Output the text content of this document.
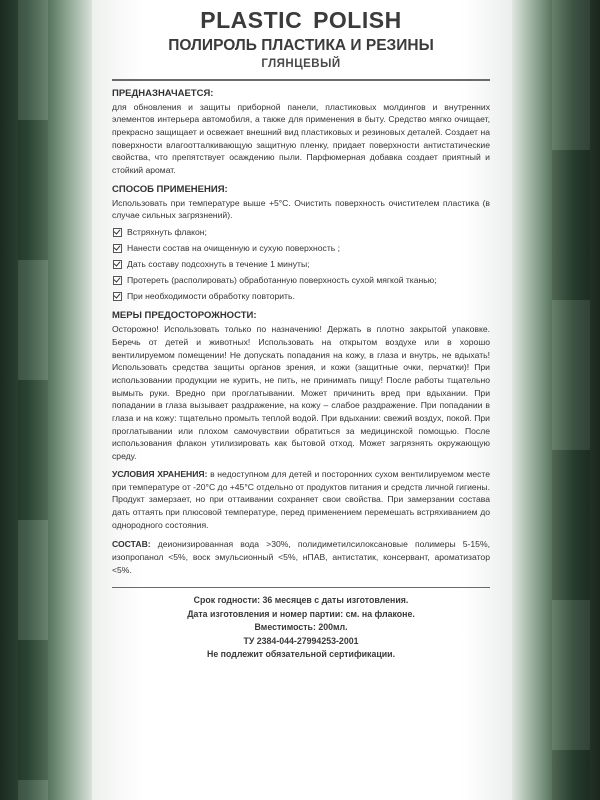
PLASTIC POLISH
ПОЛИРОЛЬ ПЛАСТИКА И РЕЗИНЫ
ГЛЯНЦЕВЫЙ
ПРЕДНАЗНАЧАЕТСЯ:

для обновления и защиты приборной панели, пластиковых молдингов и внутренних элементов интерьера автомобиля, а также для применения в быту. Средство мягко очищает, прекрасно защищает и освежает внешний вид пластиковых и резиновых деталей. Создает на поверхности влагоотталкивающую защитную пленку, придает поверхности антистатические свойства, что препятствует осаждению пыли. Парфюмерная добавка создает приятный и стойкий аромат.

СПОСОБ ПРИМЕНЕНИЯ:

Использовать при температуре выше +5°С. Очистить поверхность очистителем пластика (в случае сильных загрязнений).

Встряхнуть флакон;
Нанести состав на очищенную и сухую поверхность ;
Дать составу подсохнуть в течение 1 минуты;
Протереть (располировать) обработанную поверхность сухой мягкой тканью;
При необходимости обработку повторить.
МЕРЫ ПРЕДОСТОРОЖНОСТИ:

Осторожно! Использовать только по назначению! Держать в плотно закрытой упаковке. Беречь от детей и животных! Использовать на открытом воздухе или в хорошо вентилируемом помещении! Не допускать попадания на кожу, в глаза и внутрь, не вдыхать! Использовать средства защиты органов зрения, и кожи (защитные очки, перчатки)! При использовании продукции не курить, не пить, не принимать пищу! После работы тщательно вымыть руки. Вредно при проглатывании. Может причинить вред при вдыхании. При попадании в глаза вызывает раздражение, на кожу – слабое раздражение. При попадании в глаза и на кожу: тщательно промыть теплой водой. При вдыхании: свежий воздух, покой. При проглатывании или плохом самочувствии обратиться за медицинской помощью. После использования флакон утилизировать как бытовой отход. Может загрязнять окружающую среду.

УСЛОВИЯ ХРАНЕНИЯ: в недоступном для детей и посторонних сухом вентилируемом месте при температуре от -20°С до +45°С отдельно от продуктов питания и средств личной гигиены. Продукт замерзает, но при оттаивании сохраняет свои свойства. При замерзании состава дать оттаять при плюсовой температуре, перед применением перемешать встряхиванием до однородного состояния.

СОСТАВ: деионизированная вода >30%, полидиметилсилоксановые полимеры 5-15%, изопропанол <5%, воск эмульсионный <5%, нПАВ, антистатик, консервант, ароматизатор <5%.

Срок годности: 36 месяцев с даты изготовления.
Дата изготовления и номер партии: см. на флаконе.
Вместимость: 200мл.
ТУ 2384-044-27994253-2001
Не подлежит обязательной сертификации.
